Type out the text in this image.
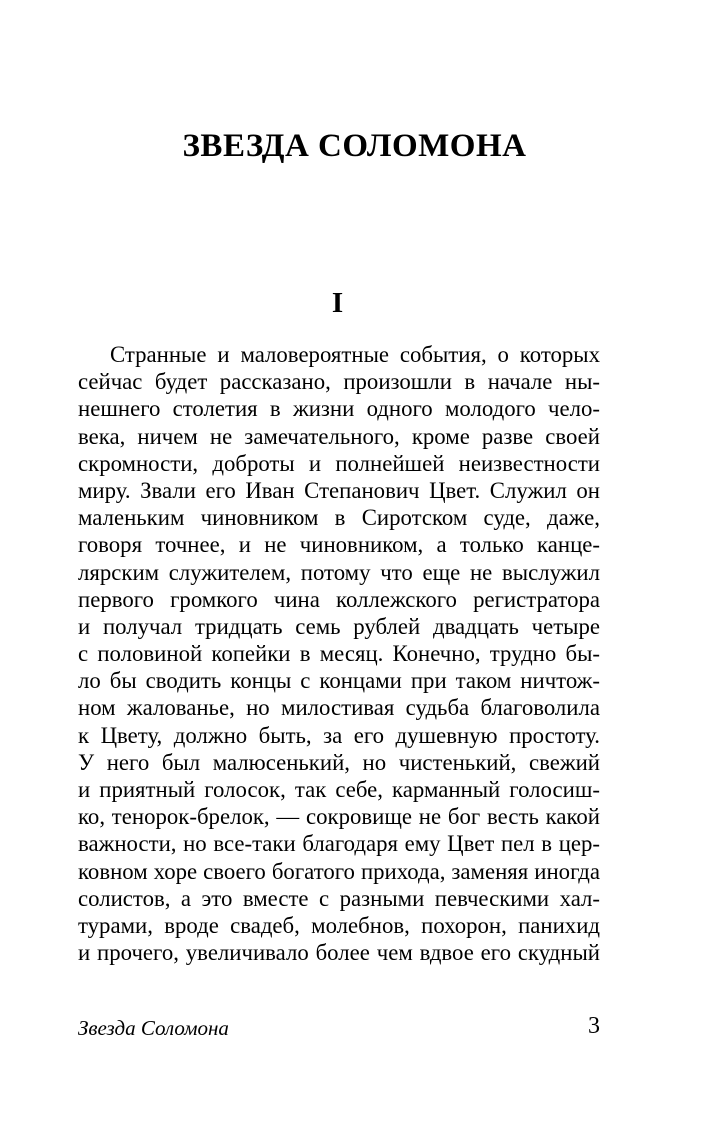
ЗВЕЗДА СОЛОМОНА
I
Странные и маловероятные события, о которых
сейчас будет рассказано, произошли в начале ны-
нешнего столетия в жизни одного молодого чело-
века, ничем не замечательного, кроме разве своей
скромности, доброты и полнейшей неизвестности
миру. Звали его Иван Степанович Цвет. Служил он
маленьким чиновником в Сиротском суде, даже,
говоря точнее, и не чиновником, а только канце-
лярским служителем, потому что еще не выслужил
первого громкого чина коллежского регистратора
и получал тридцать семь рублей двадцать четыре
с половиной копейки в месяц. Конечно, трудно бы-
ло бы сводить концы с концами при таком ничтож-
ном жалованье, но милостивая судьба благоволила
к Цвету, должно быть, за его душевную простоту.
У него был малюсенький, но чистенький, свежий
и приятный голосок, так себе, карманный голосиш-
ко, тенорок-брелок, — сокровище не бог весть какой
важности, но все-таки благодаря ему Цвет пел в цер-
ковном хоре своего богатого прихода, заменяя иногда
солистов, а это вместе с разными певческими хал-
турами, вроде свадеб, молебнов, похорон, панихид
и прочего, увеличивало более чем вдвое его скудный
Звезда Соломона	3
